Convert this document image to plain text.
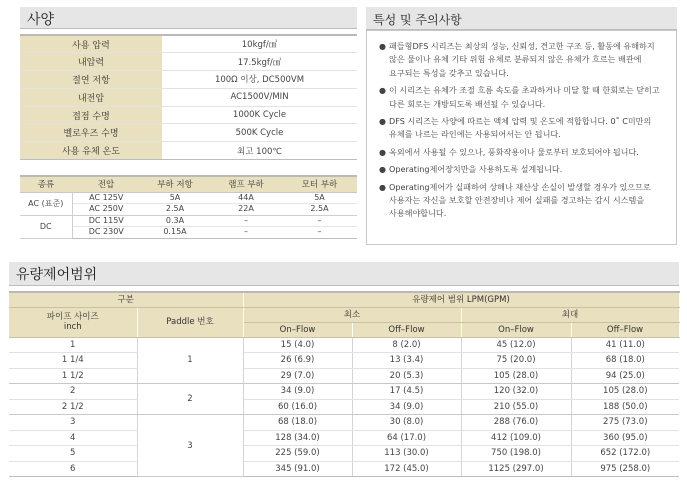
사양
사용 압력	10kgf/㎠
내압력	17.5kgf/㎠
절연 저항	100Ω 이상, DC500VM
내전압	AC1500V/MIN
접점 수명	1000K Cycle
벨로우즈 수명	500K Cycle
사용 유체 온도	최고 100℃
종류	전압	부하 저항	램프 부하	모터 부하
AC (표준)	AC 125V	5A	44A	5A
	AC 250V	2.5A	22A	2.5A
DC	DC 115V	0.3A	–	–
	DC 230V	0.15A	–	–
특성 및 주의사항
● 패들형DFS 시리즈는 최상의 성능, 신뢰성, 견고한 구조 등, 활동에 유해하지 않은 물이나 유체 기타 위험 유체로 분류되지 않은 유체가 흐르는 배관에 요구되는 특성을 갖추고 있습니다.
● 이 시리즈는 유체가 조절 흐름 속도를 초과하거나 미달 할 때 한회로는 닫히고 다른 회로는 개방되도록 배선될 수 있습니다.
● DFS 시리즈는 사양에 따르는 액체 압력 및 온도에 적합합니다. 0˚ C미만의 유체를 나르는 라인에는 사용되어서는 안 됩니다.
● 옥외에서 사용될 수 있으나, 풍화작용이나 물로부터 보호되어야 됩니다.
● Operating제어장치만을 사용하도록 설계됩니다.
● Operating제어가 실패하여 상해나 재산상 손실이 발생할 경우가 있으므로 사용자는 자신을 보호할 안전장비나 제어 실패를 경고하는 감시 시스템을 사용해야합니다.
유량제어범위
구분		유량제어 범위 LPM(GPM)			

파이프 사이즈
inch	Paddle 번호	최소		최대	
		On–Flow	Off–Flow	On–Flow	Off–Flow
1	1	15 (4.0)	8 (2.0)	45 (12.0)	41 (11.0)
1 1/4		26 (6.9)	13 (3.4)	75 (20.0)	68 (18.0)
1 1/2		29 (7.0)	20 (5.3)	105 (28.0)	94 (25.0)
2	2	34 (9.0)	17 (4.5)	120 (32.0)	105 (28.0)
2 1/2		60 (16.0)	34 (9.0)	210 (55.0)	188 (50.0)
3	3	68 (18.0)	30 (8.0)	288 (76.0)	275 (73.0)
4		128 (34.0)	64 (17.0)	412 (109.0)	360 (95.0)
5		225 (59.0)	113 (30.0)	750 (198.0)	652 (172.0)
6		345 (91.0)	172 (45.0)	1125 (297.0)	975 (258.0)
